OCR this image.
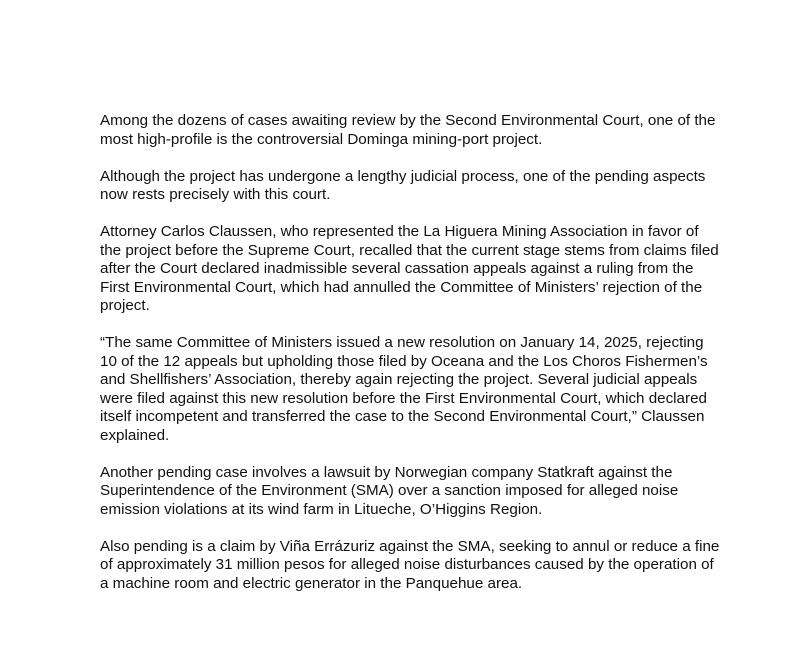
Among the dozens of cases awaiting review by the Second Environmental Court, one of the most high-profile is the controversial Dominga mining-port project.

Although the project has undergone a lengthy judicial process, one of the pending aspects now rests precisely with this court.

Attorney Carlos Claussen, who represented the La Higuera Mining Association in favor of the project before the Supreme Court, recalled that the current stage stems from claims filed after the Court declared inadmissible several cassation appeals against a ruling from the First Environmental Court, which had annulled the Committee of Ministers’ rejection of the project.

“The same Committee of Ministers issued a new resolution on January 14, 2025, rejecting 10 of the 12 appeals but upholding those filed by Oceana and the Los Choros Fishermen’s and Shellfishers’ Association, thereby again rejecting the project. Several judicial appeals were filed against this new resolution before the First Environmental Court, which declared itself incompetent and transferred the case to the Second Environmental Court,” Claussen explained.

Another pending case involves a lawsuit by Norwegian company Statkraft against the Superintendence of the Environment (SMA) over a sanction imposed for alleged noise emission violations at its wind farm in Litueche, O’Higgins Region.

Also pending is a claim by Viña Errázuriz against the SMA, seeking to annul or reduce a fine of approximately 31 million pesos for alleged noise disturbances caused by the operation of a machine room and electric generator in the Panquehue area.
